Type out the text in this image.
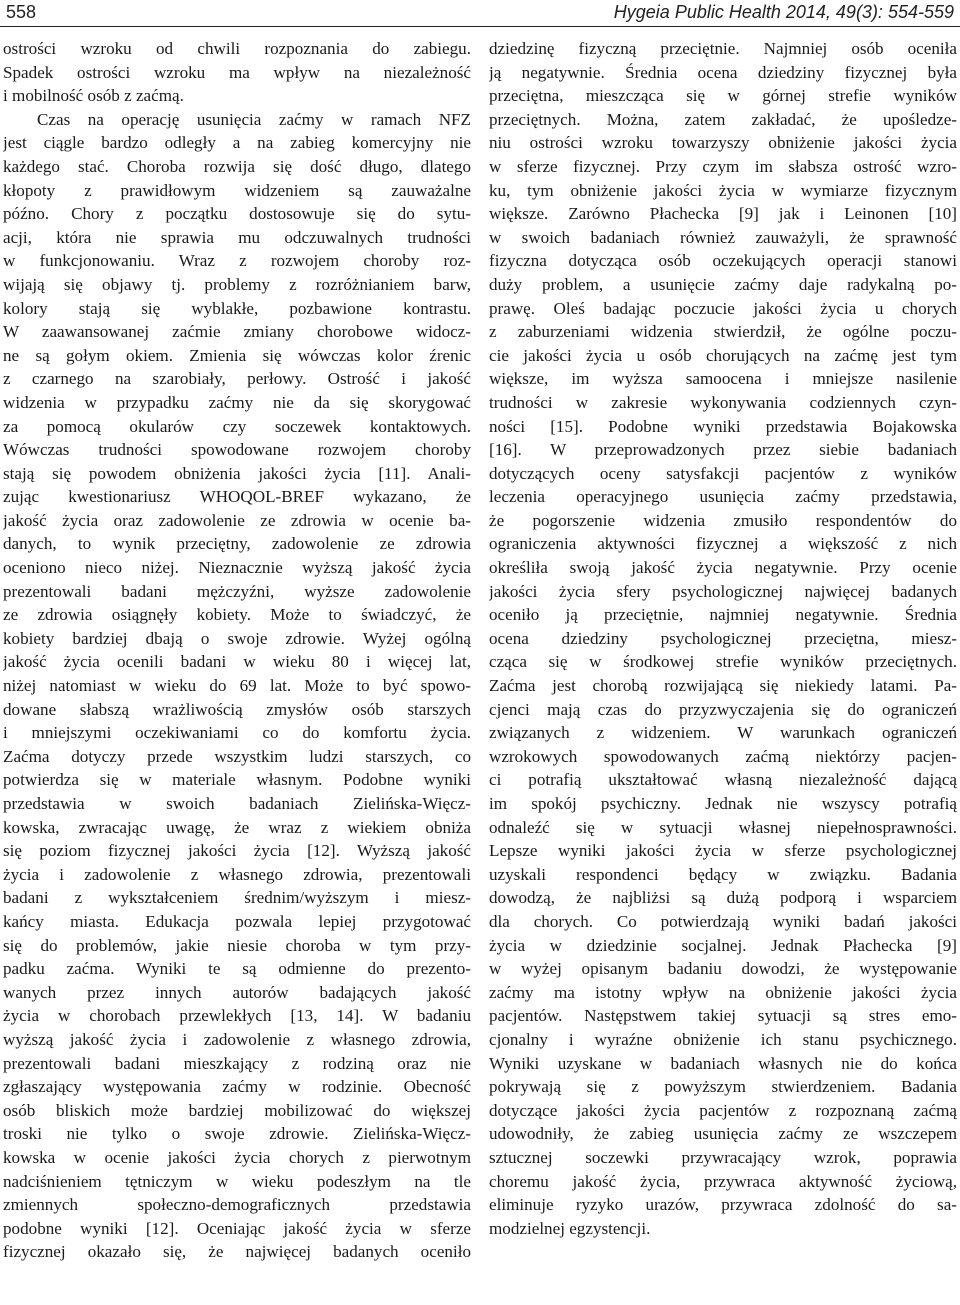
558	Hygeia Public Health 2014, 49(3): 554-559
ostrości wzroku od chwili rozpoznania do zabiegu.
Spadek ostrości wzroku ma wpływ na niezależność
i mobilność osób z zaćmą.
Czas na operację usunięcia zaćmy w ramach NFZ
jest ciągle bardzo odległy a na zabieg komercyjny nie
każdego stać. Choroba rozwija się dość długo, dlatego
kłopoty z prawidłowym widzeniem są zauważalne
późno. Chory z początku dostosowuje się do sytu-
acji, która nie sprawia mu odczuwalnych trudności
w funkcjonowaniu. Wraz z rozwojem choroby roz-
wijają się objawy tj. problemy z rozróżnianiem barw,
kolory stają się wyblakłe, pozbawione kontrastu.
W zaawansowanej zaćmie zmiany chorobowe widocz-
ne są gołym okiem. Zmienia się wówczas kolor źrenic
z czarnego na szarobiały, perłowy. Ostrość i jakość
widzenia w przypadku zaćmy nie da się skorygować
za pomocą okularów czy soczewek kontaktowych.
Wówczas trudności spowodowane rozwojem choroby
stają się powodem obniżenia jakości życia [11]. Anali-
zując kwestionariusz WHOQOL-BREF wykazano, że
jakość życia oraz zadowolenie ze zdrowia w ocenie ba-
danych, to wynik przeciętny, zadowolenie ze zdrowia
oceniono nieco niżej. Nieznacznie wyższą jakość życia
prezentowali badani mężczyźni, wyższe zadowolenie
ze zdrowia osiągnęły kobiety. Może to świadczyć, że
kobiety bardziej dbają o swoje zdrowie. Wyżej ogólną
jakość życia ocenili badani w wieku 80 i więcej lat,
niżej natomiast w wieku do 69 lat. Może to być spowo-
dowane słabszą wrażliwością zmysłów osób starszych
i mniejszymi oczekiwaniami co do komfortu życia.
Zaćma dotyczy przede wszystkim ludzi starszych, co
potwierdza się w materiale własnym. Podobne wyniki
przedstawia w swoich badaniach Zielińska-Więcz-
kowska, zwracając uwagę, że wraz z wiekiem obniża
się poziom fizycznej jakości życia [12]. Wyższą jakość
życia i zadowolenie z własnego zdrowia, prezentowali
badani z wykształceniem średnim/wyższym i miesz-
kańcy miasta. Edukacja pozwala lepiej przygotować
się do problemów, jakie niesie choroba w tym przy-
padku zaćma. Wyniki te są odmienne do prezento-
wanych przez innych autorów badających jakość
życia w chorobach przewlekłych [13, 14]. W badaniu
wyższą jakość życia i zadowolenie z własnego zdrowia,
prezentowali badani mieszkający z rodziną oraz nie
zgłaszający występowania zaćmy w rodzinie. Obecność
osób bliskich może bardziej mobilizować do większej
troski nie tylko o swoje zdrowie. Zielińska-Więcz-
kowska w ocenie jakości życia chorych z pierwotnym
nadciśnieniem tętniczym w wieku podeszłym na tle
zmiennych społeczno-demograficznych przedstawia
podobne wyniki [12]. Oceniając jakość życia w sferze
fizycznej okazało się, że najwięcej badanych oceniło
dziedzinę fizyczną przeciętnie. Najmniej osób oceniła
ją negatywnie. Średnia ocena dziedziny fizycznej była
przeciętna, mieszcząca się w górnej strefie wyników
przeciętnych. Można, zatem zakładać, że upośledze-
niu ostrości wzroku towarzyszy obniżenie jakości życia
w sferze fizycznej. Przy czym im słabsza ostrość wzro-
ku, tym obniżenie jakości życia w wymiarze fizycznym
większe. Zarówno Płachecka [9] jak i Leinonen [10]
w swoich badaniach również zauważyli, że sprawność
fizyczna dotycząca osób oczekujących operacji stanowi
duży problem, a usunięcie zaćmy daje radykalną po-
prawę. Oleś badając poczucie jakości życia u chorych
z zaburzeniami widzenia stwierdził, że ogólne poczu-
cie jakości życia u osób chorujących na zaćmę jest tym
większe, im wyższa samoocena i mniejsze nasilenie
trudności w zakresie wykonywania codziennych czyn-
ności [15]. Podobne wyniki przedstawia Bojakowska
[16]. W przeprowadzonych przez siebie badaniach
dotyczących oceny satysfakcji pacjentów z wyników
leczenia operacyjnego usunięcia zaćmy przedstawia,
że pogorszenie widzenia zmusiło respondentów do
ograniczenia aktywności fizycznej a większość z nich
określiła swoją jakość życia negatywnie. Przy ocenie
jakości życia sfery psychologicznej najwięcej badanych
oceniło ją przeciętnie, najmniej negatywnie. Średnia
ocena dziedziny psychologicznej przeciętna, miesz-
cząca się w środkowej strefie wyników przeciętnych.
Zaćma jest chorobą rozwijającą się niekiedy latami. Pa-
cjenci mają czas do przyzwyczajenia się do ograniczeń
związanych z widzeniem. W warunkach ograniczeń
wzrokowych spowodowanych zaćmą niektórzy pacjen-
ci potrafią ukształtować własną niezależność dającą
im spokój psychiczny. Jednak nie wszyscy potrafią
odnaleźć się w sytuacji własnej niepełnosprawności.
Lepsze wyniki jakości życia w sferze psychologicznej
uzyskali respondenci będący w związku. Badania
dowodzą, że najbliżsi są dużą podporą i wsparciem
dla chorych. Co potwierdzają wyniki badań jakości
życia w dziedzinie socjalnej. Jednak Płachecka [9]
w wyżej opisanym badaniu dowodzi, że występowanie
zaćmy ma istotny wpływ na obniżenie jakości życia
pacjentów. Następstwem takiej sytuacji są stres emo-
cjonalny i wyraźne obniżenie ich stanu psychicznego.
Wyniki uzyskane w badaniach własnych nie do końca
pokrywają się z powyższym stwierdzeniem. Badania
dotyczące jakości życia pacjentów z rozpoznaną zaćmą
udowodniły, że zabieg usunięcia zaćmy ze wszczepem
sztucznej soczewki przywracający wzrok, poprawia
choremu jakość życia, przywraca aktywność życiową,
eliminuje ryzyko urazów, przywraca zdolność do sa-
modzielnej egzystencji.
